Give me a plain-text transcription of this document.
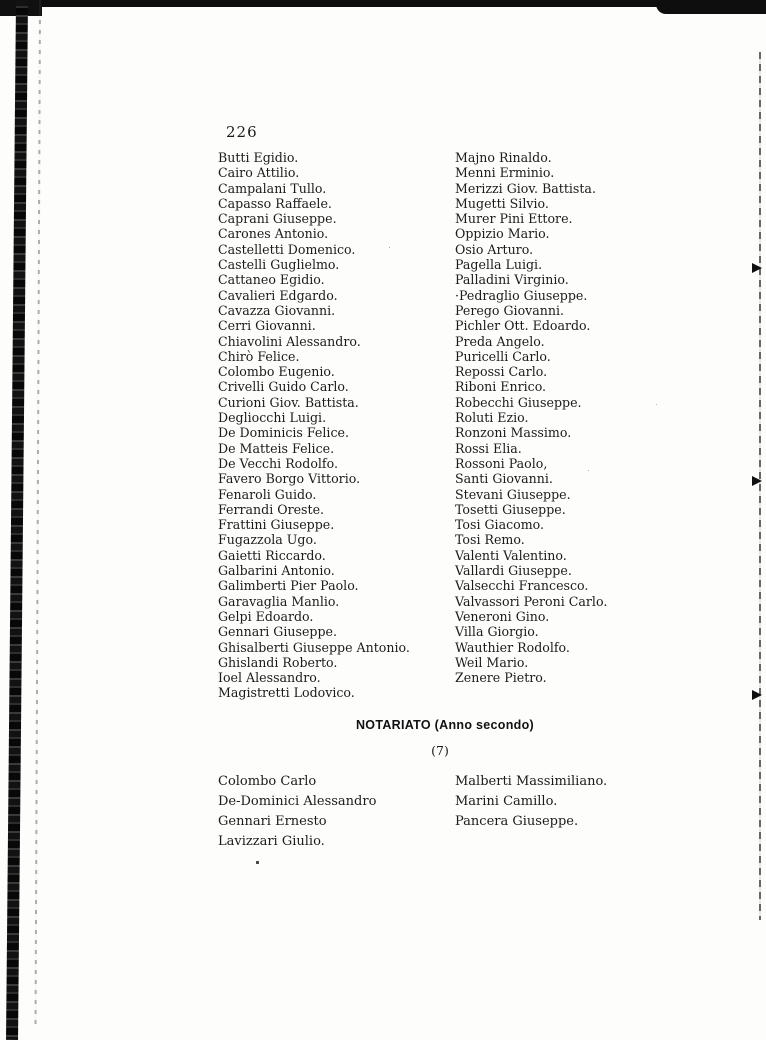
226
Butti Egidio.
Cairo Attilio.
Campalani Tullo.
Capasso Raffaele.
Caprani Giuseppe.
Carones Antonio.
Castelletti Domenico.
Castelli Guglielmo.
Cattaneo Egidio.
Cavalieri Edgardo.
Cavazza Giovanni.
Cerri Giovanni.
Chiavolini Alessandro.
Chirò Felice.
Colombo Eugenio.
Crivelli Guido Carlo.
Curioni Giov. Battista.
Degliocchi Luigi.
De Dominicis Felice.
De Matteis Felice.
De Vecchi Rodolfo.
Favero Borgo Vittorio.
Fenaroli Guido.
Ferrandi Oreste.
Frattini Giuseppe.
Fugazzola Ugo.
Gaietti Riccardo.
Galbarini Antonio.
Galimberti Pier Paolo.
Garavaglia Manlio.
Gelpi Edoardo.
Gennari Giuseppe.
Ghisalberti Giuseppe Antonio.
Ghislandi Roberto.
Ioel Alessandro.
Magistretti Lodovico.
Majno Rinaldo.
Menni Erminio.
Merizzi Giov. Battista.
Mugetti Silvio.
Murer Pini Ettore.
Oppizio Mario.
Osio Arturo.
Pagella Luigi.
Palladini Virginio.
·Pedraglio Giuseppe.
Perego Giovanni.
Pichler Ott. Edoardo.
Preda Angelo.
Puricelli Carlo.
Repossi Carlo.
Riboni Enrico.
Robecchi Giuseppe.
Roluti Ezio.
Ronzoni Massimo.
Rossi Elia.
Rossoni Paolo,
Santi Giovanni.
Stevani Giuseppe.
Tosetti Giuseppe.
Tosi Giacomo.
Tosi Remo.
Valenti Valentino.
Vallardi Giuseppe.
Valsecchi Francesco.
Valvassori Peroni Carlo.
Veneroni Gino.
Villa Giorgio.
Wauthier Rodolfo.
Weil Mario.
Zenere Pietro.
NOTARIATO (Anno secondo)
(7)
Colombo Carlo
De-Dominici Alessandro
Gennari Ernesto
Lavizzari Giulio.
Malberti Massimiliano.
Marini Camillo.
Pancera Giuseppe.
